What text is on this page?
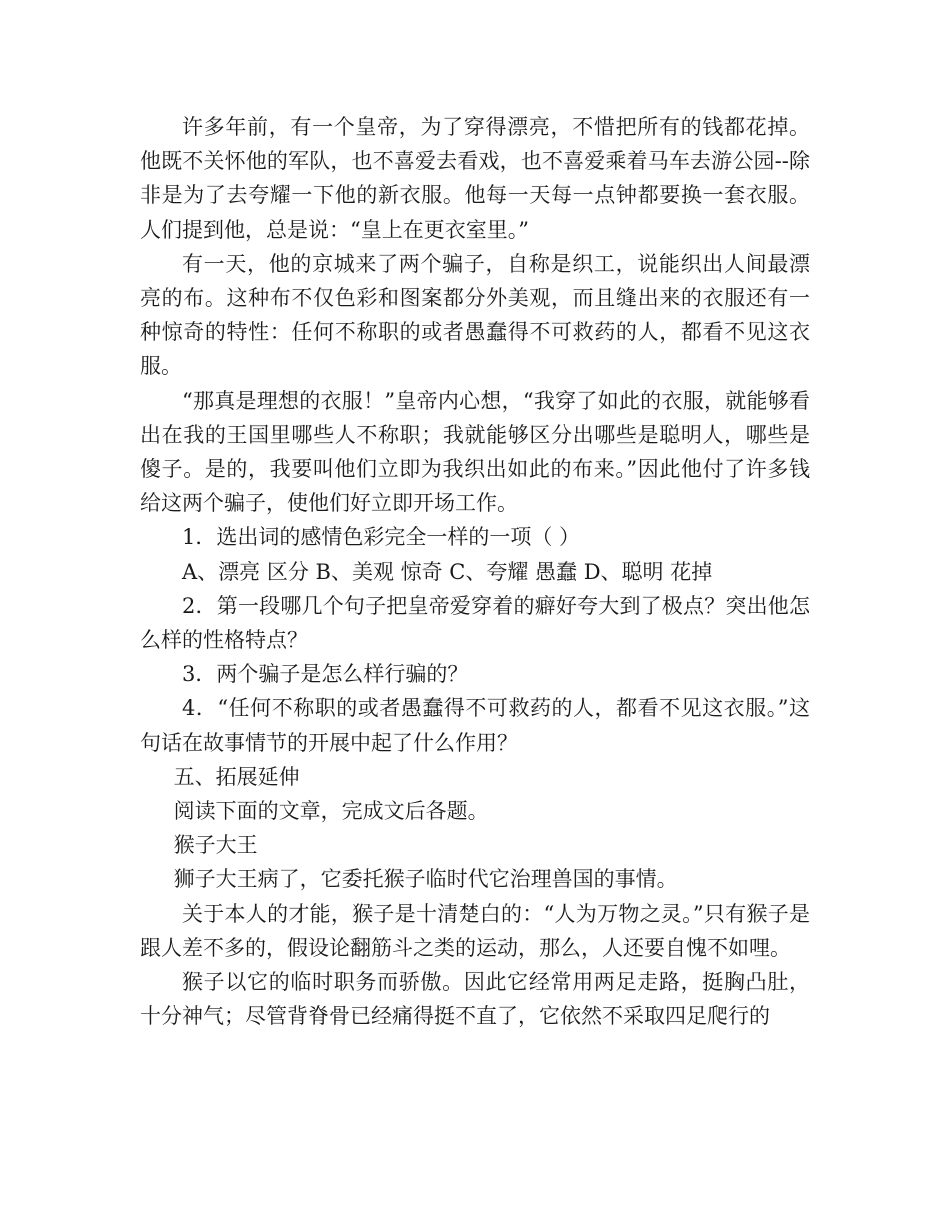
许多年前，有一个皇帝，为了穿得漂亮，不惜把所有的钱都花掉。他既不关怀他的军队，也不喜爱去看戏，也不喜爱乘着马车去游公园--除非是为了去夸耀一下他的新衣服。他每一天每一点钟都要换一套衣服。人们提到他，总是说：“皇上在更衣室里。”

有一天，他的京城来了两个骗子，自称是织工，说能织出人间最漂亮的布。这种布不仅色彩和图案都分外美观，而且缝出来的衣服还有一种惊奇的特性：任何不称职的或者愚蠢得不可救药的人，都看不见这衣服。

“那真是理想的衣服！”皇帝内心想，“我穿了如此的衣服，就能够看出在我的王国里哪些人不称职；我就能够区分出哪些是聪明人，哪些是傻子。是的，我要叫他们立即为我织出如此的布来。”因此他付了许多钱给这两个骗子，使他们好立即开场工作。

1．选出词的感情色彩完全一样的一项（ ）

A、漂亮 区分 B、美观 惊奇 C、夸耀 愚蠢 D、聪明 花掉

2．第一段哪几个句子把皇帝爱穿着的癖好夸大到了极点？突出他怎么样的性格特点？

3．两个骗子是怎么样行骗的？

4．“任何不称职的或者愚蠢得不可救药的人，都看不见这衣服。”这句话在故事情节的开展中起了什么作用？

五、拓展延伸

阅读下面的文章，完成文后各题。

猴子大王

狮子大王病了，它委托猴子临时代它治理兽国的事情。

关于本人的才能，猴子是十清楚白的：“人为万物之灵。”只有猴子是跟人差不多的，假设论翻筋斗之类的运动，那么，人还要自愧不如哩。

猴子以它的临时职务而骄傲。因此它经常用两足走路，挺胸凸肚，十分神气；尽管背脊骨已经痛得挺不直了，它依然不采取四足爬行的
